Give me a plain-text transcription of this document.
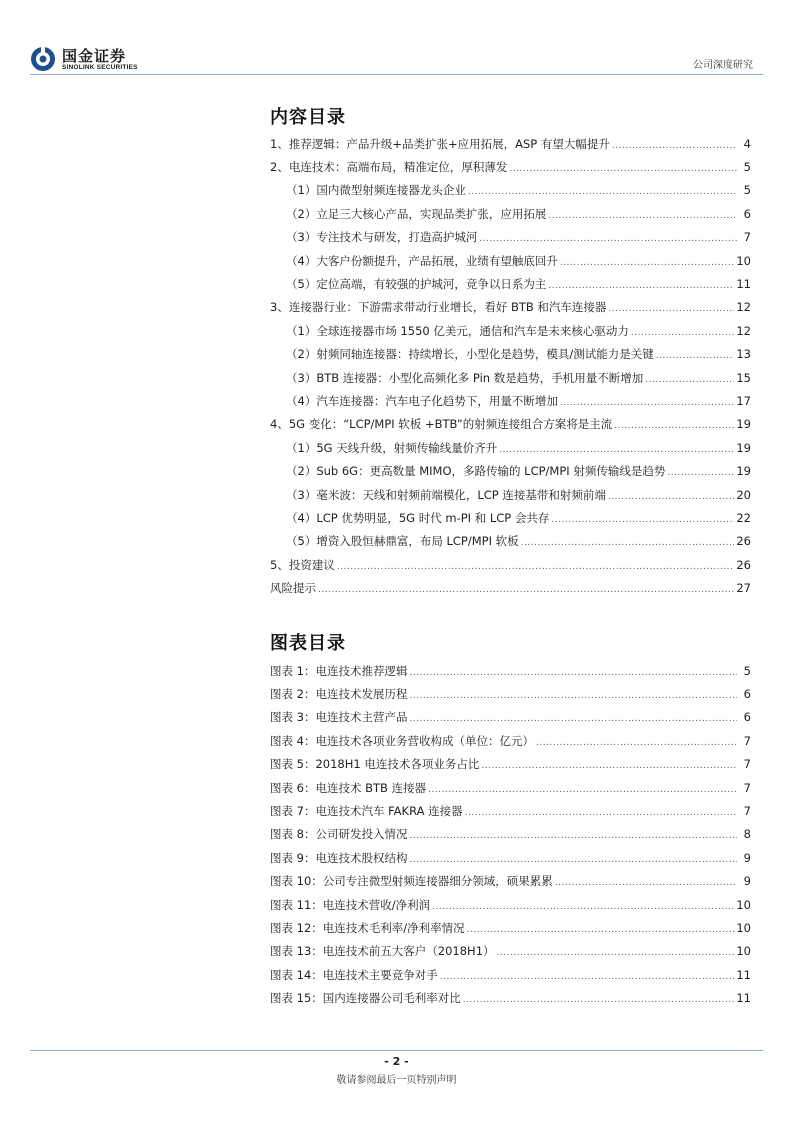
国金证券
SINOLINK SECURITIES	公司深度研究
内容目录
1、推荐逻辑：产品升级+品类扩张+应用拓展，ASP 有望大幅提升 .....	4
2、电连技术：高端布局，精准定位，厚积薄发 .....	5
（1）国内微型射频连接器龙头企业 .....	5
（2）立足三大核心产品，实现品类扩张，应用拓展 .....	6
（3）专注技术与研发，打造高护城河 .....	7
（4）大客户份额提升，产品拓展，业绩有望触底回升 .....	10
（5）定位高端，有较强的护城河，竞争以日系为主 .....	11
3、连接器行业：下游需求带动行业增长，看好 BTB 和汽车连接器 .....	12
（1）全球连接器市场 1550 亿美元，通信和汽车是未来核心驱动力 .....	12
（2）射频同轴连接器：持续增长，小型化是趋势，模具/测试能力是关键 .....	13
（3）BTB 连接器：小型化高频化多 Pin 数是趋势，手机用量不断增加 .....	15
（4）汽车连接器：汽车电子化趋势下，用量不断增加 .....	17
4、5G 变化：“LCP/MPI 软板 +BTB”的射频连接组合方案将是主流 .....	19
（1）5G 天线升级，射频传输线量价齐升 .....	19
（2）Sub 6G：更高数量 MIMO，多路传输的 LCP/MPI 射频传输线是趋势 .....	19
（3）毫米波：天线和射频前端模化，LCP 连接基带和射频前端 .....	20
（4）LCP 优势明显，5G 时代 m-PI 和 LCP 会共存 .....	22
（5）增资入股恒赫鼎富，布局 LCP/MPI 软板 .....	26
5、投资建议 .....	26
风险提示 .....	27
图表目录
图表 1：电连技术推荐逻辑 .....	5
图表 2：电连技术发展历程 .....	6
图表 3：电连技术主营产品 .....	6
图表 4：电连技术各项业务营收构成（单位：亿元） .....	7
图表 5：2018H1 电连技术各项业务占比 .....	7
图表 6：电连技术 BTB 连接器 .....	7
图表 7：电连技术汽车 FAKRA 连接器 .....	7
图表 8：公司研发投入情况 .....	8
图表 9：电连技术股权结构 .....	9
图表 10：公司专注微型射频连接器细分领域，硕果累累 .....	9
图表 11：电连技术营收/净利润 .....	10
图表 12：电连技术毛利率/净利率情况 .....	10
图表 13：电连技术前五大客户（2018H1） .....	10
图表 14：电连技术主要竞争对手 .....	11
图表 15：国内连接器公司毛利率对比 .....	11
- 2 -
敬请参阅最后一页特别声明
